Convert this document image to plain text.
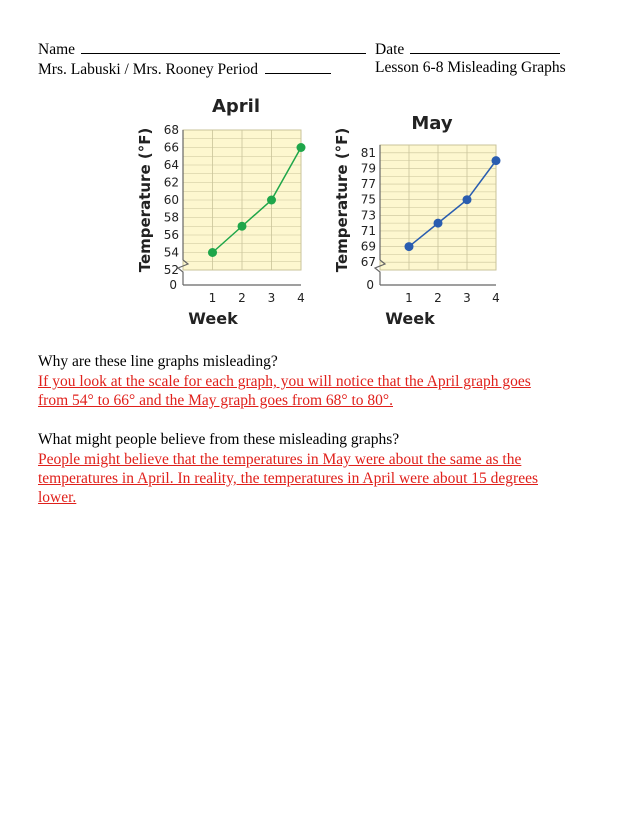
Name	Date
Mrs. Labuski / Mrs. Rooney Period	Lesson 6-8 Misleading Graphs
0
52
54
56
58
60
62
64
66
68
1 2 3 4
Week
Temperature (°F)
April
0
67
69
71
73
75
77
79
81
1 2 3 4
Week
Temperature (°F)
May
Why are these line graphs misleading?
If you look at the scale for each graph, you will notice that the April graph goes
from 54° to 66° and the May graph goes from 68° to 80°.
What might people believe from these misleading graphs?
People might believe that the temperatures in May were about the same as the
temperatures in April. In reality, the temperatures in April were about 15 degrees
lower.
